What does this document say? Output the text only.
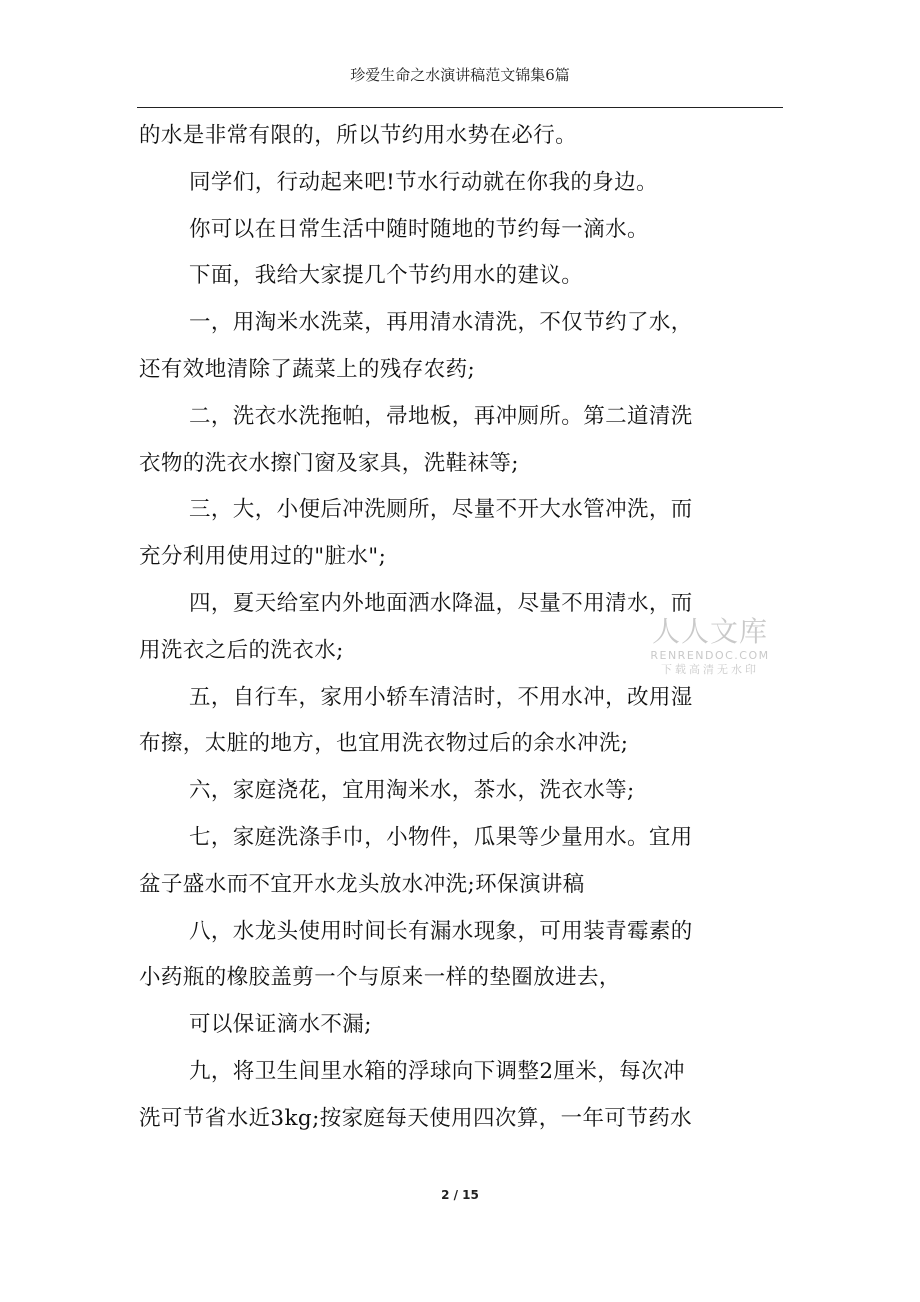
珍爱生命之水演讲稿范文锦集6篇
的水是非常有限的，所以节约用水势在必行。
同学们，行动起来吧!节水行动就在你我的身边。
你可以在日常生活中随时随地的节约每一滴水。
下面，我给大家提几个节约用水的建议。
一，用淘米水洗菜，再用清水清洗，不仅节约了水，
还有效地清除了蔬菜上的残存农药;
二，洗衣水洗拖帕，帚地板，再冲厕所。第二道清洗
衣物的洗衣水擦门窗及家具，洗鞋袜等;
三，大，小便后冲洗厕所，尽量不开大水管冲洗，而
充分利用使用过的"脏水";
四，夏天给室内外地面洒水降温，尽量不用清水，而
用洗衣之后的洗衣水;
五，自行车，家用小轿车清洁时，不用水冲，改用湿
布擦，太脏的地方，也宜用洗衣物过后的余水冲洗;
六，家庭浇花，宜用淘米水，茶水，洗衣水等;
七，家庭洗涤手巾，小物件，瓜果等少量用水。宜用
盆子盛水而不宜开水龙头放水冲洗;环保演讲稿
八，水龙头使用时间长有漏水现象，可用装青霉素的
小药瓶的橡胶盖剪一个与原来一样的垫圈放进去，
可以保证滴水不漏;
九，将卫生间里水箱的浮球向下调整2厘米，每次冲
洗可节省水近3kg;按家庭每天使用四次算，一年可节药水
人人文库
RENRENDOC.COM
下载高清无水印
2 / 15
